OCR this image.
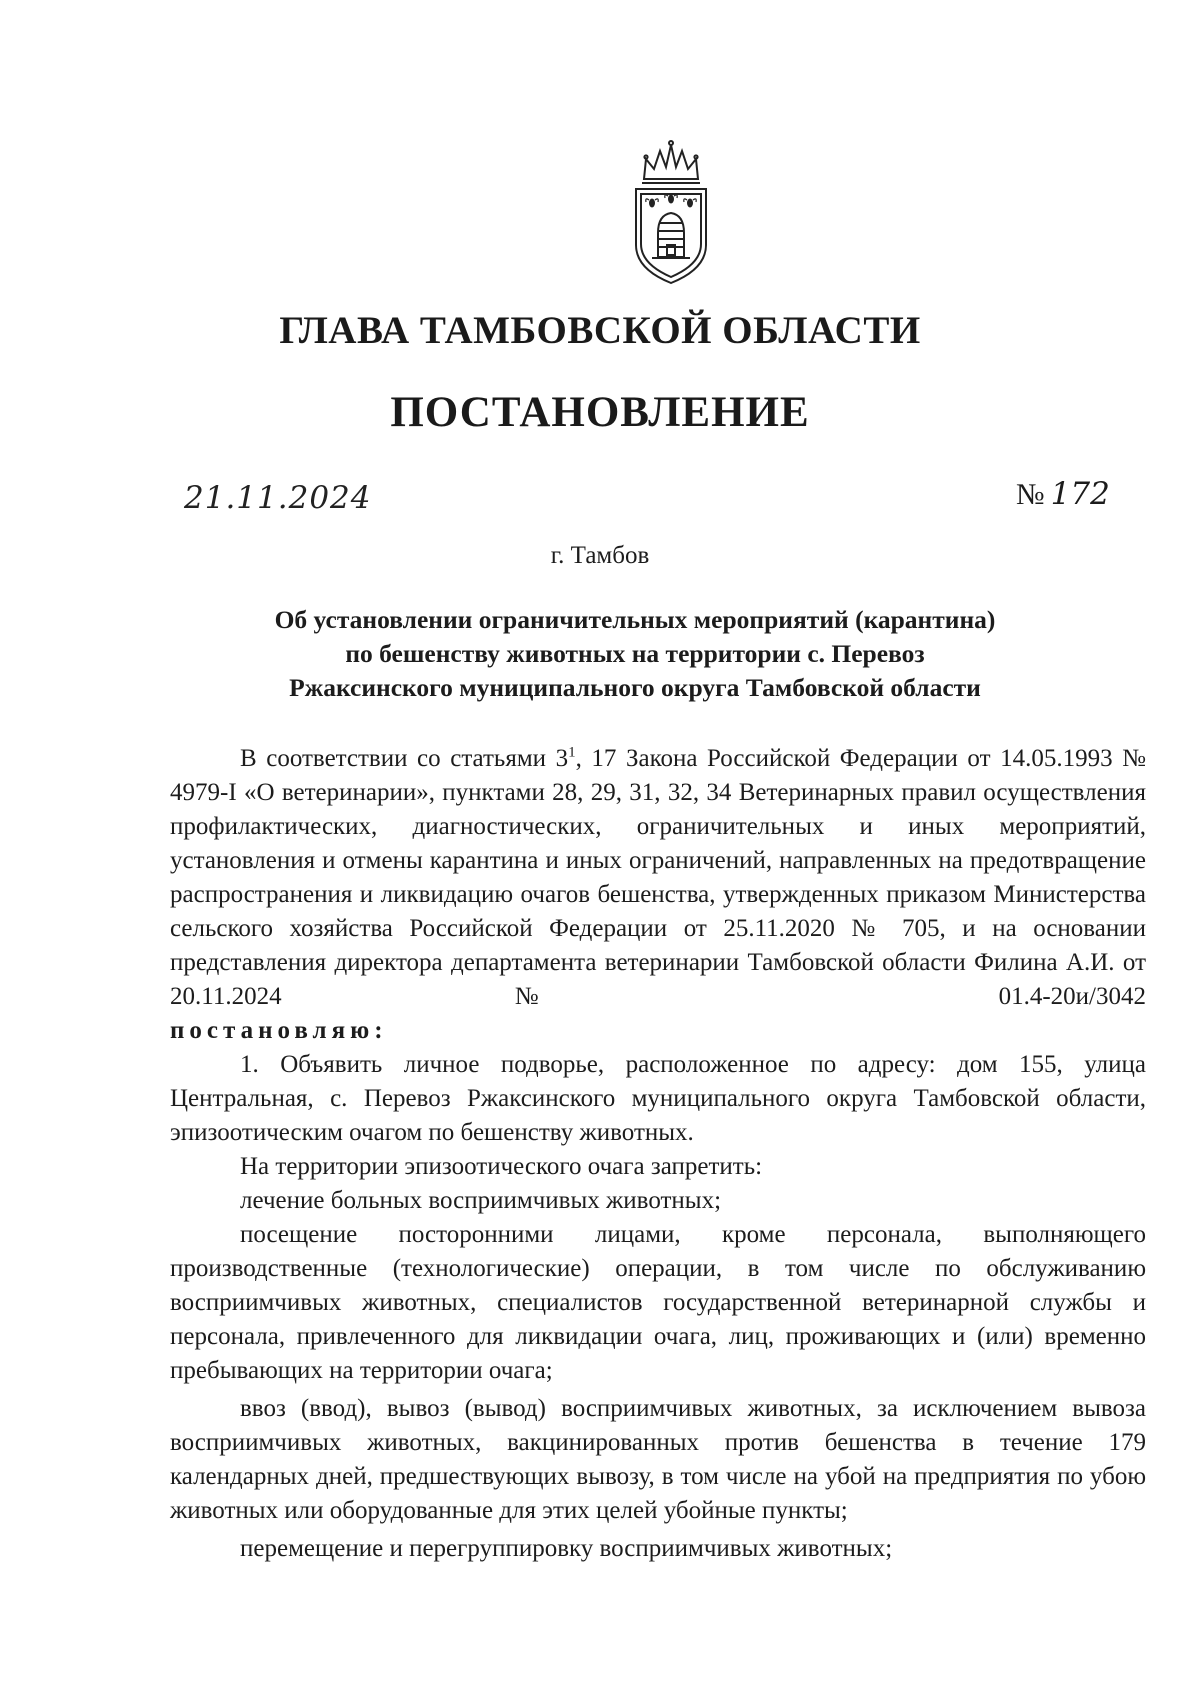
ГЛАВА ТАМБОВСКОЙ ОБЛАСТИ
ПОСТАНОВЛЕНИЕ
21.11.2024	№ 172
г. Тамбов
Об установлении ограничительных мероприятий (карантина)
по бешенству животных на территории с. Перевоз
Ржаксинского муниципального округа Тамбовской области

В соответствии со статьями $3^1$, 17 Закона Российской Федерации от 14.05.1993 № 4979-I «О ветеринарии», пунктами 28, 29, 31, 32, 34 Ветеринарных правил осуществления профилактических, диагностических, ограничительных и иных мероприятий, установления и отмены карантина и иных ограничений, направленных на предотвращение распространения и ликвидацию очагов бешенства, утвержденных приказом Министерства сельского хозяйства Российской Федерации от 25.11.2020 № 705, и на основании представления директора департамента ветеринарии Тамбовской области Филина А.И. от 20.11.2024 № 01.4-20и/3042

постановляю:

1. Объявить личное подворье, расположенное по адресу: дом 155, улица Центральная, с. Перевоз Ржаксинского муниципального округа Тамбовской области, эпизоотическим очагом по бешенству животных.

На территории эпизоотического очага запретить:

лечение больных восприимчивых животных;

посещение посторонними лицами, кроме персонала, выполняющего производственные (технологические) операции, в том числе по обслуживанию восприимчивых животных, специалистов государственной ветеринарной службы и персонала, привлеченного для ликвидации очага, лиц, проживающих и (или) временно пребывающих на территории очага;

ввоз (ввод), вывоз (вывод) восприимчивых животных, за исключением вывоза восприимчивых животных, вакцинированных против бешенства в течение 179 календарных дней, предшествующих вывозу, в том числе на убой на предприятия по убою животных или оборудованные для этих целей убойные пункты;

перемещение и перегруппировку восприимчивых животных;
